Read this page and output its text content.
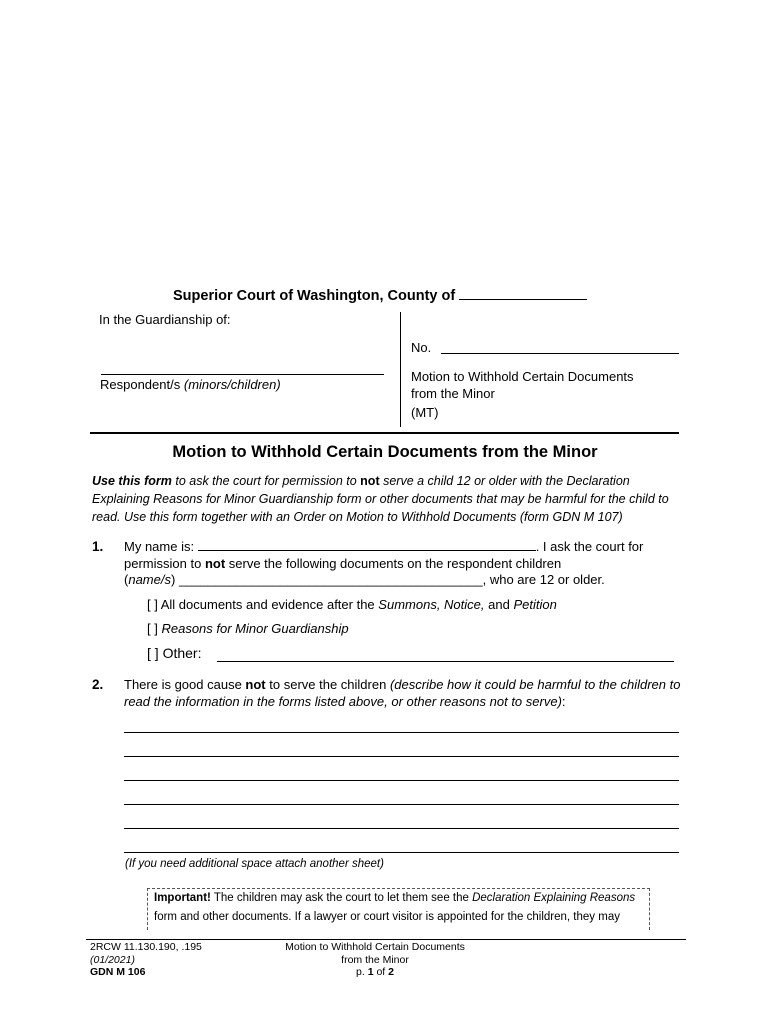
Superior Court of Washington, County of
In the Guardianship of:
Respondent/s (minors/children)
No.
Motion to Withhold Certain Documents
from the Minor
(MT)
Motion to Withhold Certain Documents from the Minor
Use this form to ask the court for permission to not serve a child 12 or older with the Declaration Explaining Reasons for Minor Guardianship form or other documents that may be harmful for the child to read. Use this form together with an Order on Motion to Withhold Documents (form GDN M 107)
1. My name is:	. I ask the court for
permission to not serve the following documents on the respondent children
(name/s) __________________________________________, who are 12 or older.
[ ] All documents and evidence after the Summons, Notice, and Petition
[ ] Reasons for Minor Guardianship
[ ] Other:
2. There is good cause not to serve the children (describe how it could be harmful to the children to read the information in the forms listed above, or other reasons not to serve):
(If you need additional space attach another sheet)
Important! The children may ask the court to let them see the Declaration Explaining Reasons
form and other documents. If a lawyer or court visitor is appointed for the children, they may
2RCW 11.130.190, .195
(01/2021)
GDN M 106
Motion to Withhold Certain Documents
from the Minor
p. 1 of 2
